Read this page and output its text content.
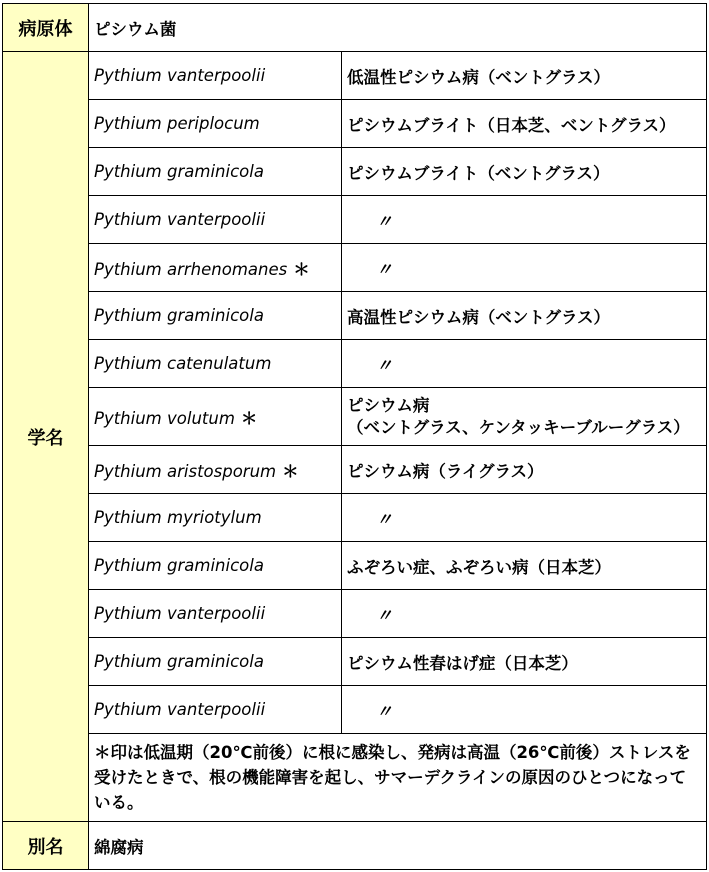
病原体	ピシウム菌	
学名	Pythium vanterpoolii	低温性ピシウム病（ベントグラス）
	Pythium periplocum	ピシウムブライト（日本芝、ベントグラス）
	Pythium graminicola	ピシウムブライト（ベントグラス）
	Pythium vanterpoolii	〃
	Pythium arrhenomanes ＊	〃
	Pythium graminicola	高温性ピシウム病（ベントグラス）
	Pythium catenulatum	〃
	Pythium volutum ＊	ピシウム病
（ベントグラス、ケンタッキーブルーグラス）

	Pythium aristosporum ＊	ピシウム病（ライグラス）
	Pythium myriotylum	〃
	Pythium graminicola	ふぞろい症、ふぞろい病（日本芝）
	Pythium vanterpoolii	〃
	Pythium graminicola	ピシウム性春はげ症（日本芝）
	Pythium vanterpoolii	〃
	＊印は低温期（20℃前後）に根に感染し、発病は高温（26℃前後）ストレスを受けたときで、根の機能障害を起し、サマーデクラインの原因のひとつになっている。	
別名	綿腐病	
